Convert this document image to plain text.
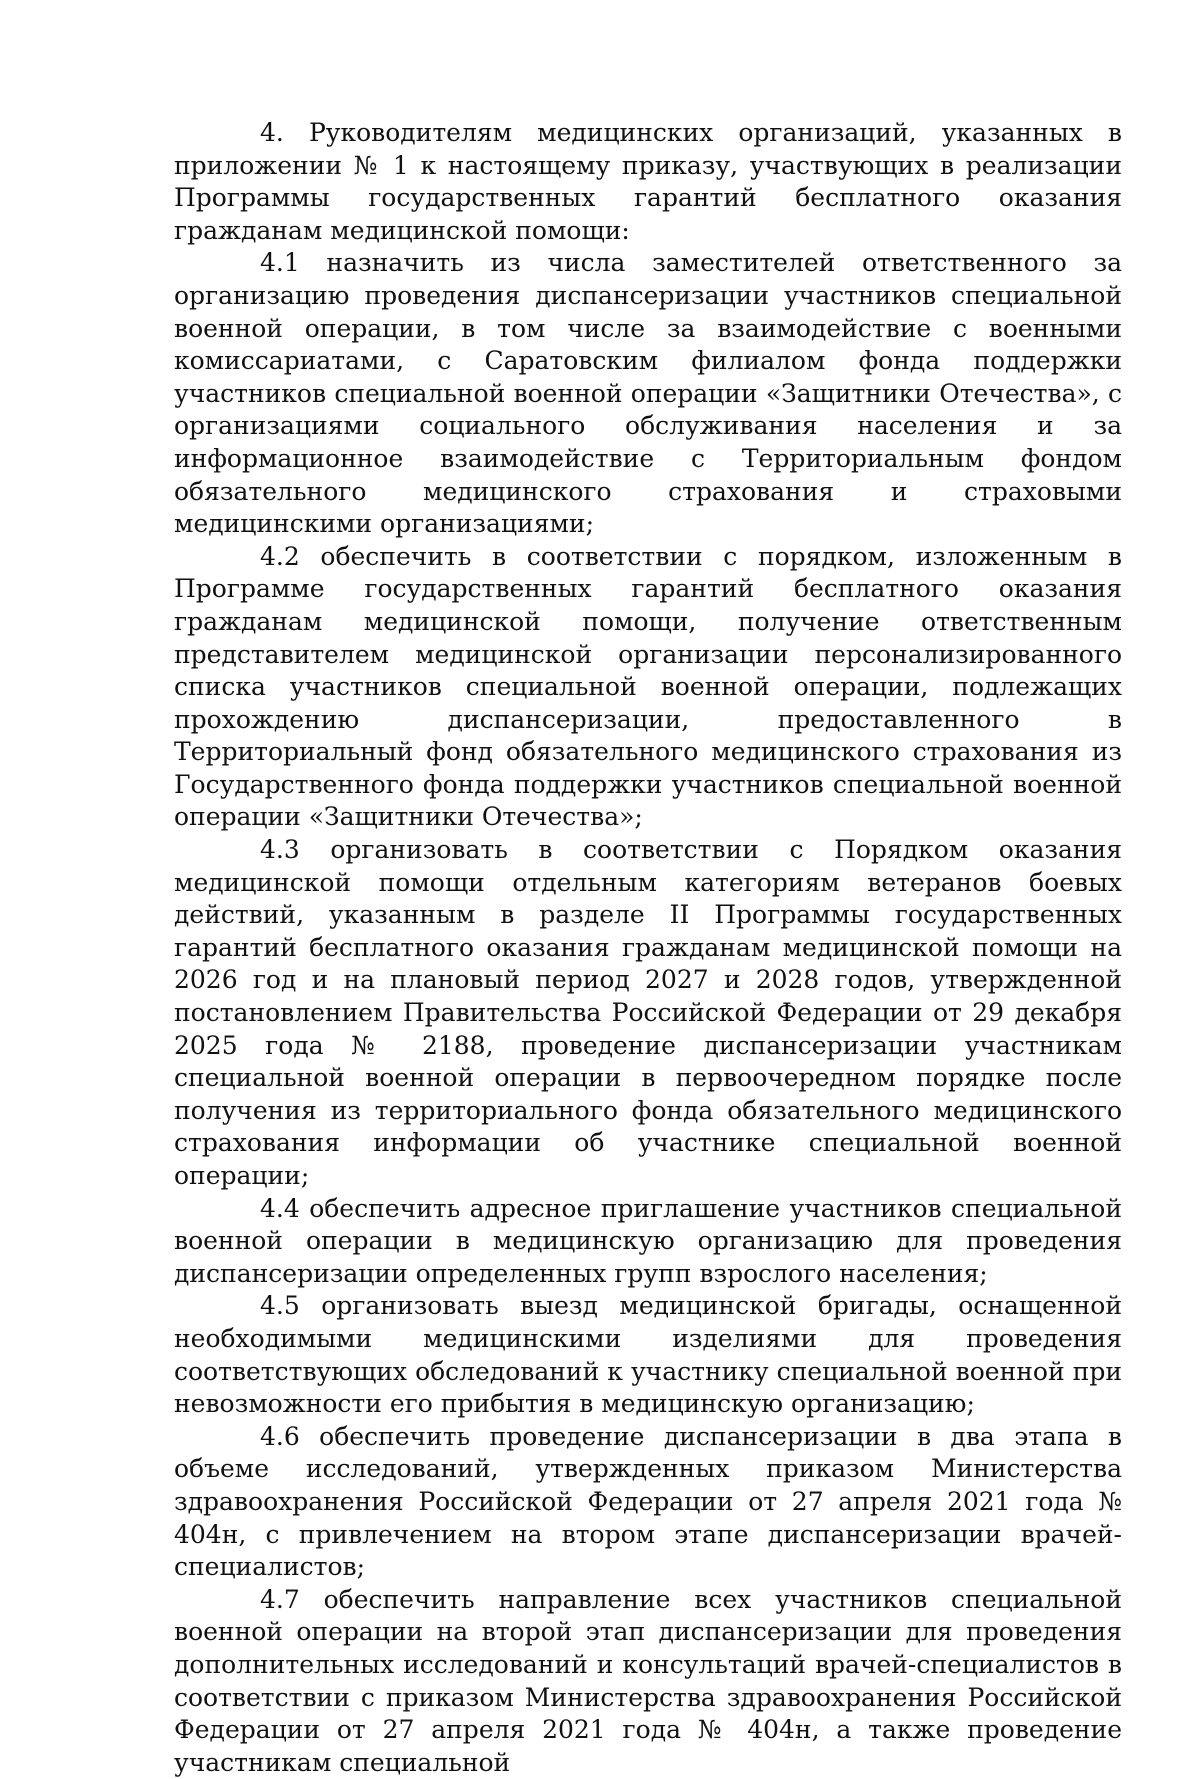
4. Руководителям медицинских организаций, указанных в приложении № 1 к настоящему приказу, участвующих в реализации Программы государственных гарантий бесплатного оказания гражданам медицинской помощи:

4.1 назначить из числа заместителей ответственного за организацию проведения диспансеризации участников специальной военной операции, в том числе за взаимодействие с военными комиссариатами, с Саратовским филиалом фонда поддержки участников специальной военной операции «Защитники Отечества», с организациями социального обслуживания населения и за информационное взаимодействие с Территориальным фондом обязательного медицинского страхования и страховыми медицинскими организациями;

4.2 обеспечить в соответствии с порядком, изложенным в Программе государственных гарантий бесплатного оказания гражданам медицинской помощи, получение ответственным представителем медицинской организации персонализированного списка участников специальной военной операции, подлежащих прохождению диспансеризации, предоставленного в Территориальный фонд обязательного медицинского страхования из Государственного фонда поддержки участников специальной военной операции «Защитники Отечества»;

4.3 организовать в соответствии с Порядком оказания медицинской помощи отдельным категориям ветеранов боевых действий, указанным в разделе II Программы государственных гарантий бесплатного оказания гражданам медицинской помощи на 2026 год и на плановый период 2027 и 2028 годов, утвержденной постановлением Правительства Российской Федерации от 29 декабря 2025 года № 2188, проведение диспансеризации участникам специальной военной операции в первоочередном порядке после получения из территориального фонда обязательного медицинского страхования информации об участнике специальной военной операции;

4.4 обеспечить адресное приглашение участников специальной военной операции в медицинскую организацию для проведения диспансеризации определенных групп взрослого населения;

4.5 организовать выезд медицинской бригады, оснащенной необходимыми медицинскими изделиями для проведения соответствующих обследований к участнику специальной военной при невозможности его прибытия в медицинскую организацию;

4.6 обеспечить проведение диспансеризации в два этапа в объеме исследований, утвержденных приказом Министерства здравоохранения Российской Федерации от 27 апреля 2021 года № 404н, с привлечением на втором этапе диспансеризации врачей-специалистов;

4.7 обеспечить направление всех участников специальной военной операции на второй этап диспансеризации для проведения дополнительных исследований и консультаций врачей-специалистов в соответствии с приказом Министерства здравоохранения Российской Федерации от 27 апреля 2021 года № 404н, а также проведение участникам специальной
